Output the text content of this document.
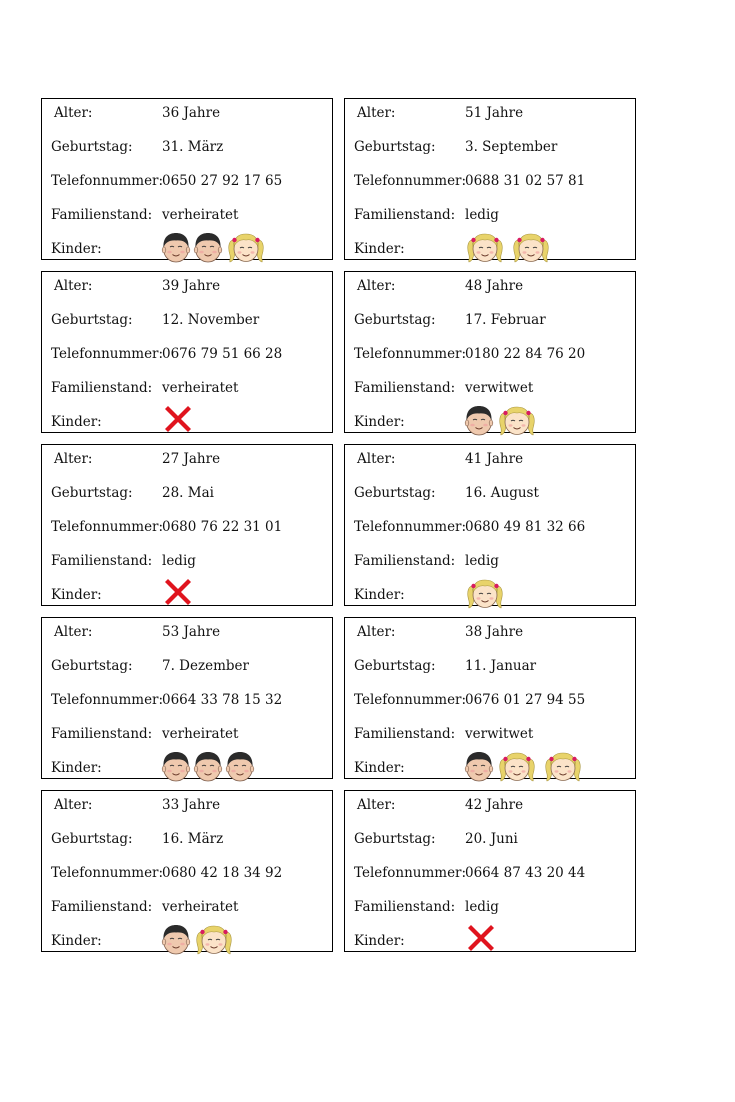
Alter:	36 Jahre
Geburtstag: 31. März
Telefonnummer:
0650 27 92 17 65
Familienstand: verheiratet
Kinder:
Alter:	51 Jahre
Geburtstag: 3. September
Telefonnummer:
0688 31 02 57 81
Familienstand: ledig
Kinder:
Alter:	39 Jahre
Geburtstag: 12. November
Telefonnummer:
0676 79 51 66 28
Familienstand: verheiratet
Kinder:
Alter:	48 Jahre
Geburtstag: 17. Februar
Telefonnummer:
0180 22 84 76 20
Familienstand: verwitwet
Kinder:
Alter:	27 Jahre
Geburtstag: 28. Mai
Telefonnummer:
0680 76 22 31 01
Familienstand: ledig
Kinder:
Alter:	41 Jahre
Geburtstag: 16. August
Telefonnummer:
0680 49 81 32 66
Familienstand: ledig
Kinder:
Alter:	53 Jahre
Geburtstag: 7. Dezember
Telefonnummer:
0664 33 78 15 32
Familienstand: verheiratet
Kinder:
Alter:	38 Jahre
Geburtstag: 11. Januar
Telefonnummer:
0676 01 27 94 55
Familienstand: verwitwet
Kinder:
Alter:	33 Jahre
Geburtstag: 16. März
Telefonnummer:
0680 42 18 34 92
Familienstand: verheiratet
Kinder:
Alter:	42 Jahre
Geburtstag: 20. Juni
Telefonnummer:
0664 87 43 20 44
Familienstand: ledig
Kinder:
